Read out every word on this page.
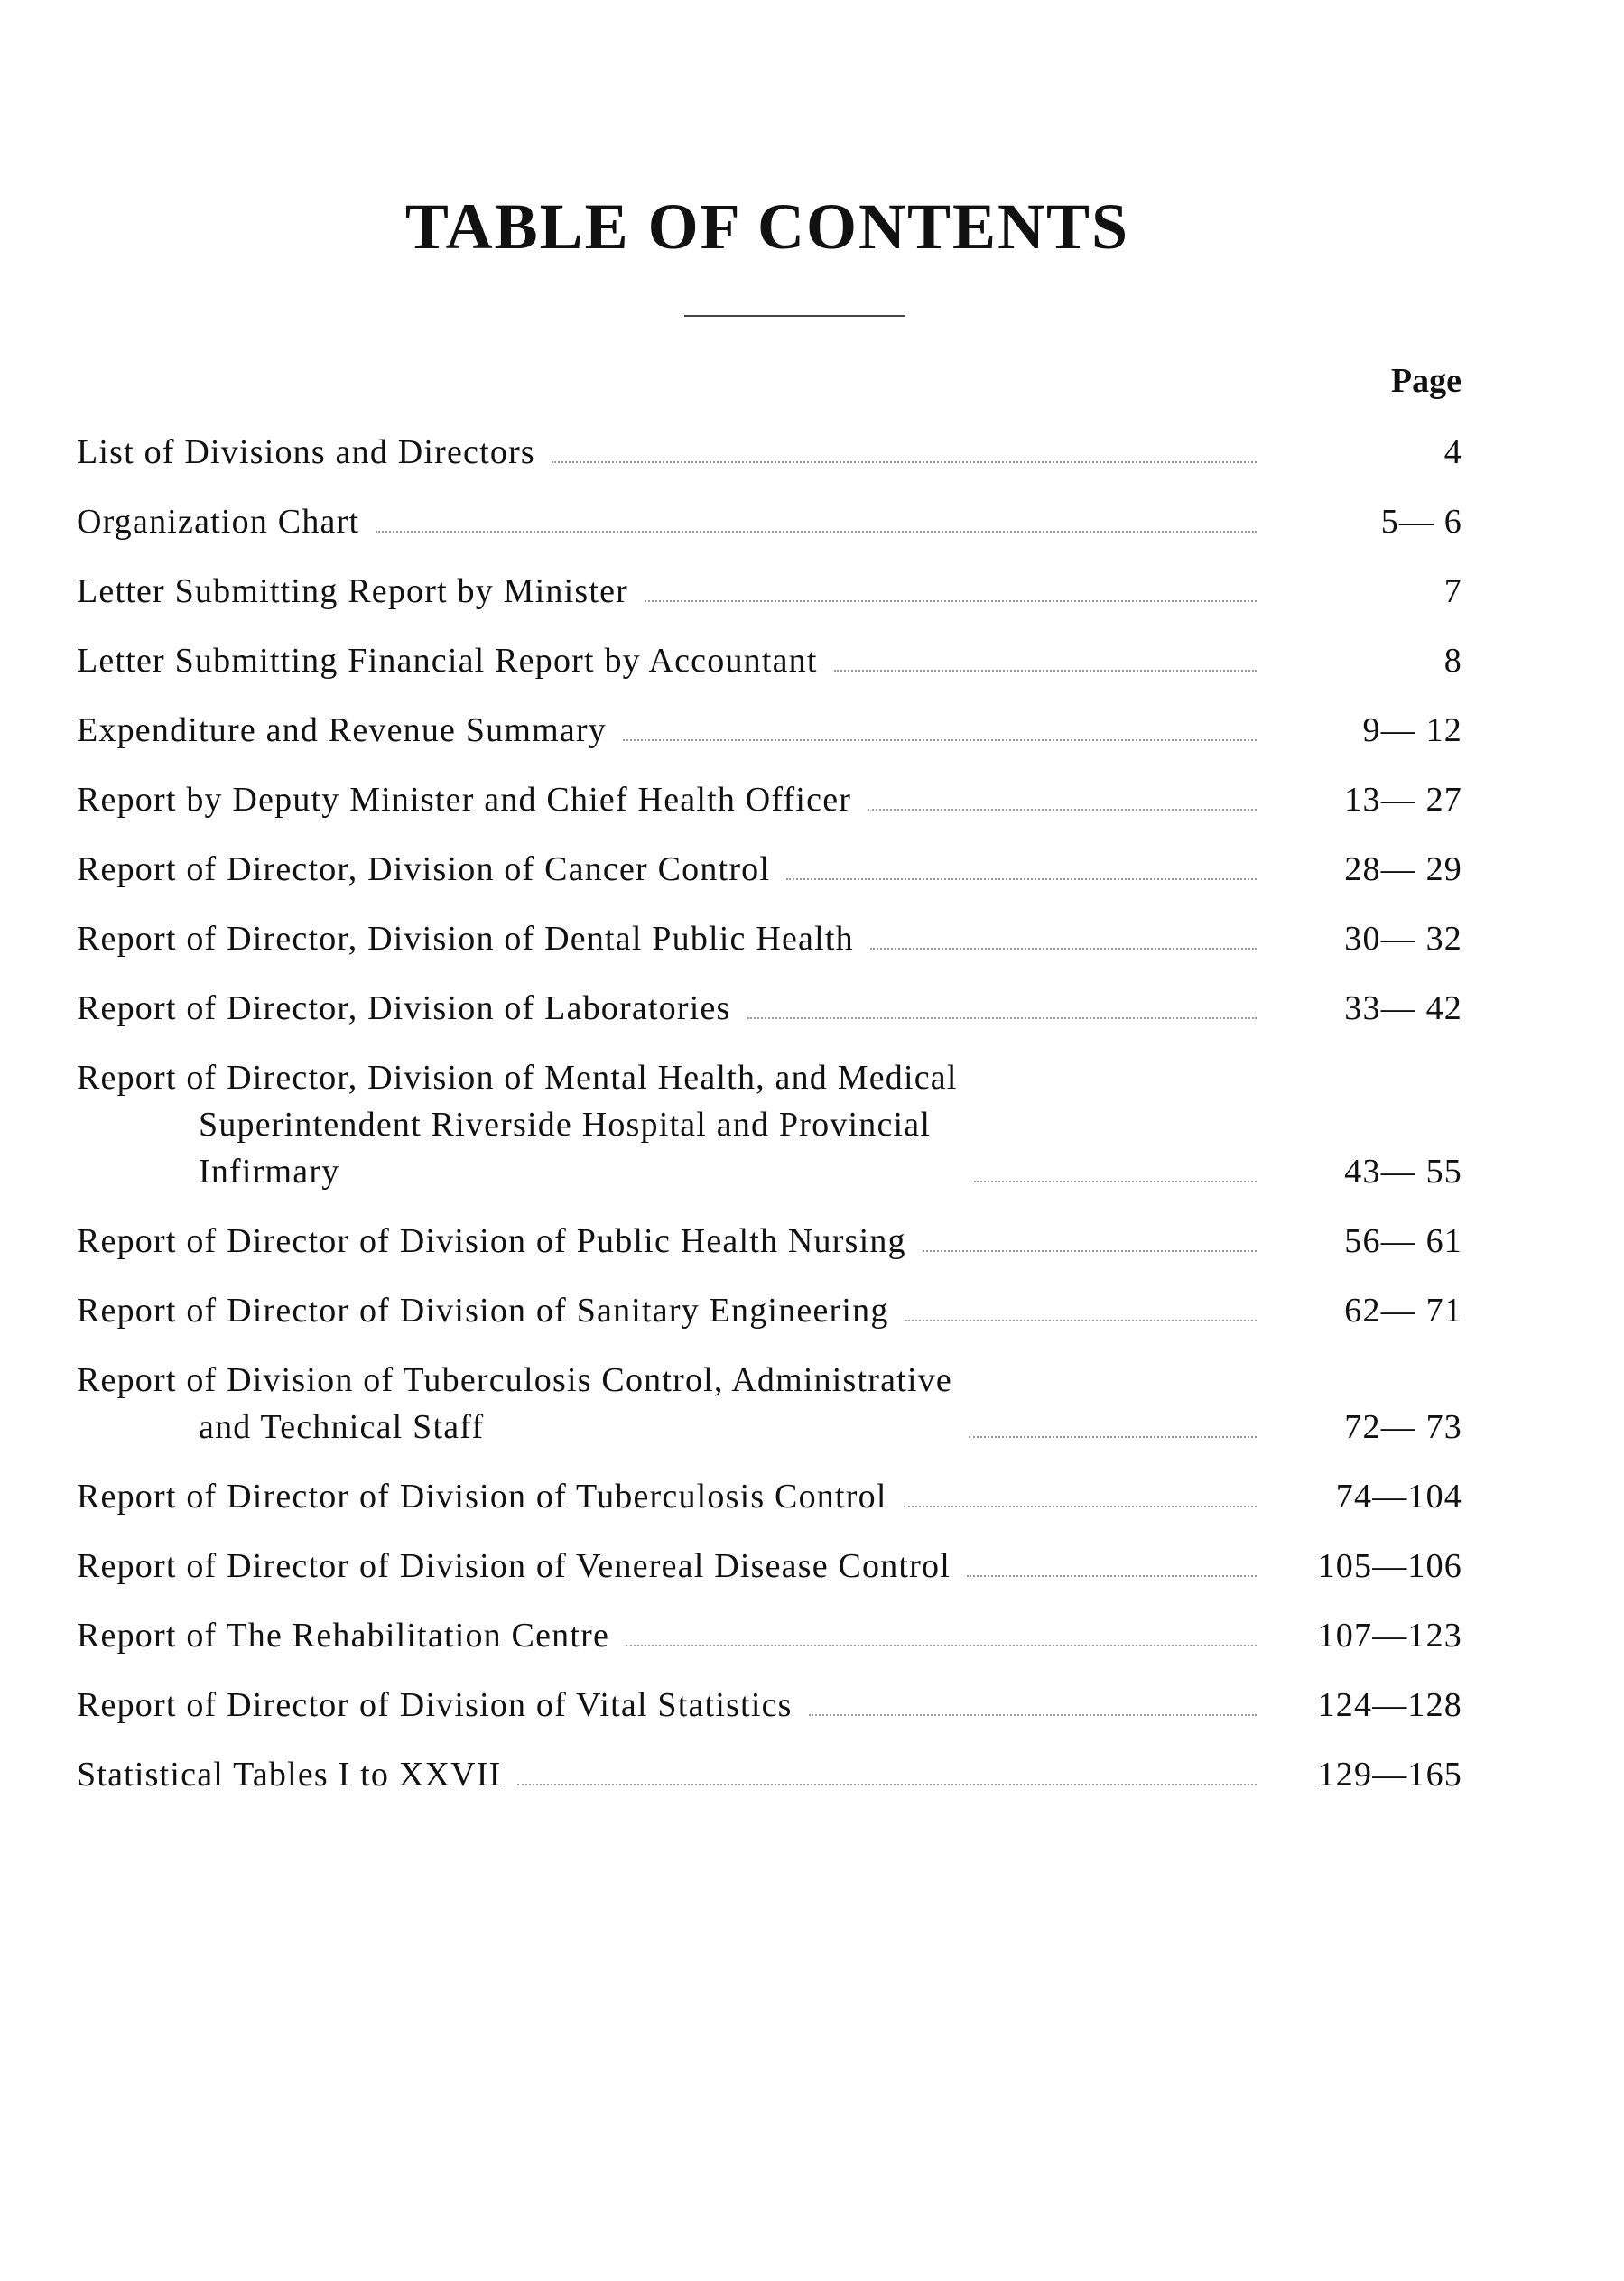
TABLE OF CONTENTS
Page
List of Divisions and Directors	4
Organization Chart	5— 6
Letter Submitting Report by Minister	7
Letter Submitting Financial Report by Accountant	8
Expenditure and Revenue Summary	9— 12
Report by Deputy Minister and Chief Health Officer	13— 27
Report of Director, Division of Cancer Control	28— 29
Report of Director, Division of Dental Public Health	30— 32
Report of Director, Division of Laboratories	33— 42
Report of Director, Division of Mental Health, and Medical
Superintendent Riverside Hospital and Provincial
Infirmary	43— 55
Report of Director of Division of Public Health Nursing	56— 61
Report of Director of Division of Sanitary Engineering	62— 71
Report of Division of Tuberculosis Control, Administrative
and Technical Staff	72— 73
Report of Director of Division of Tuberculosis Control	74—104
Report of Director of Division of Venereal Disease Control	105—106
Report of The Rehabilitation Centre	107—123
Report of Director of Division of Vital Statistics	124—128
Statistical Tables I to XXVII	129—165
